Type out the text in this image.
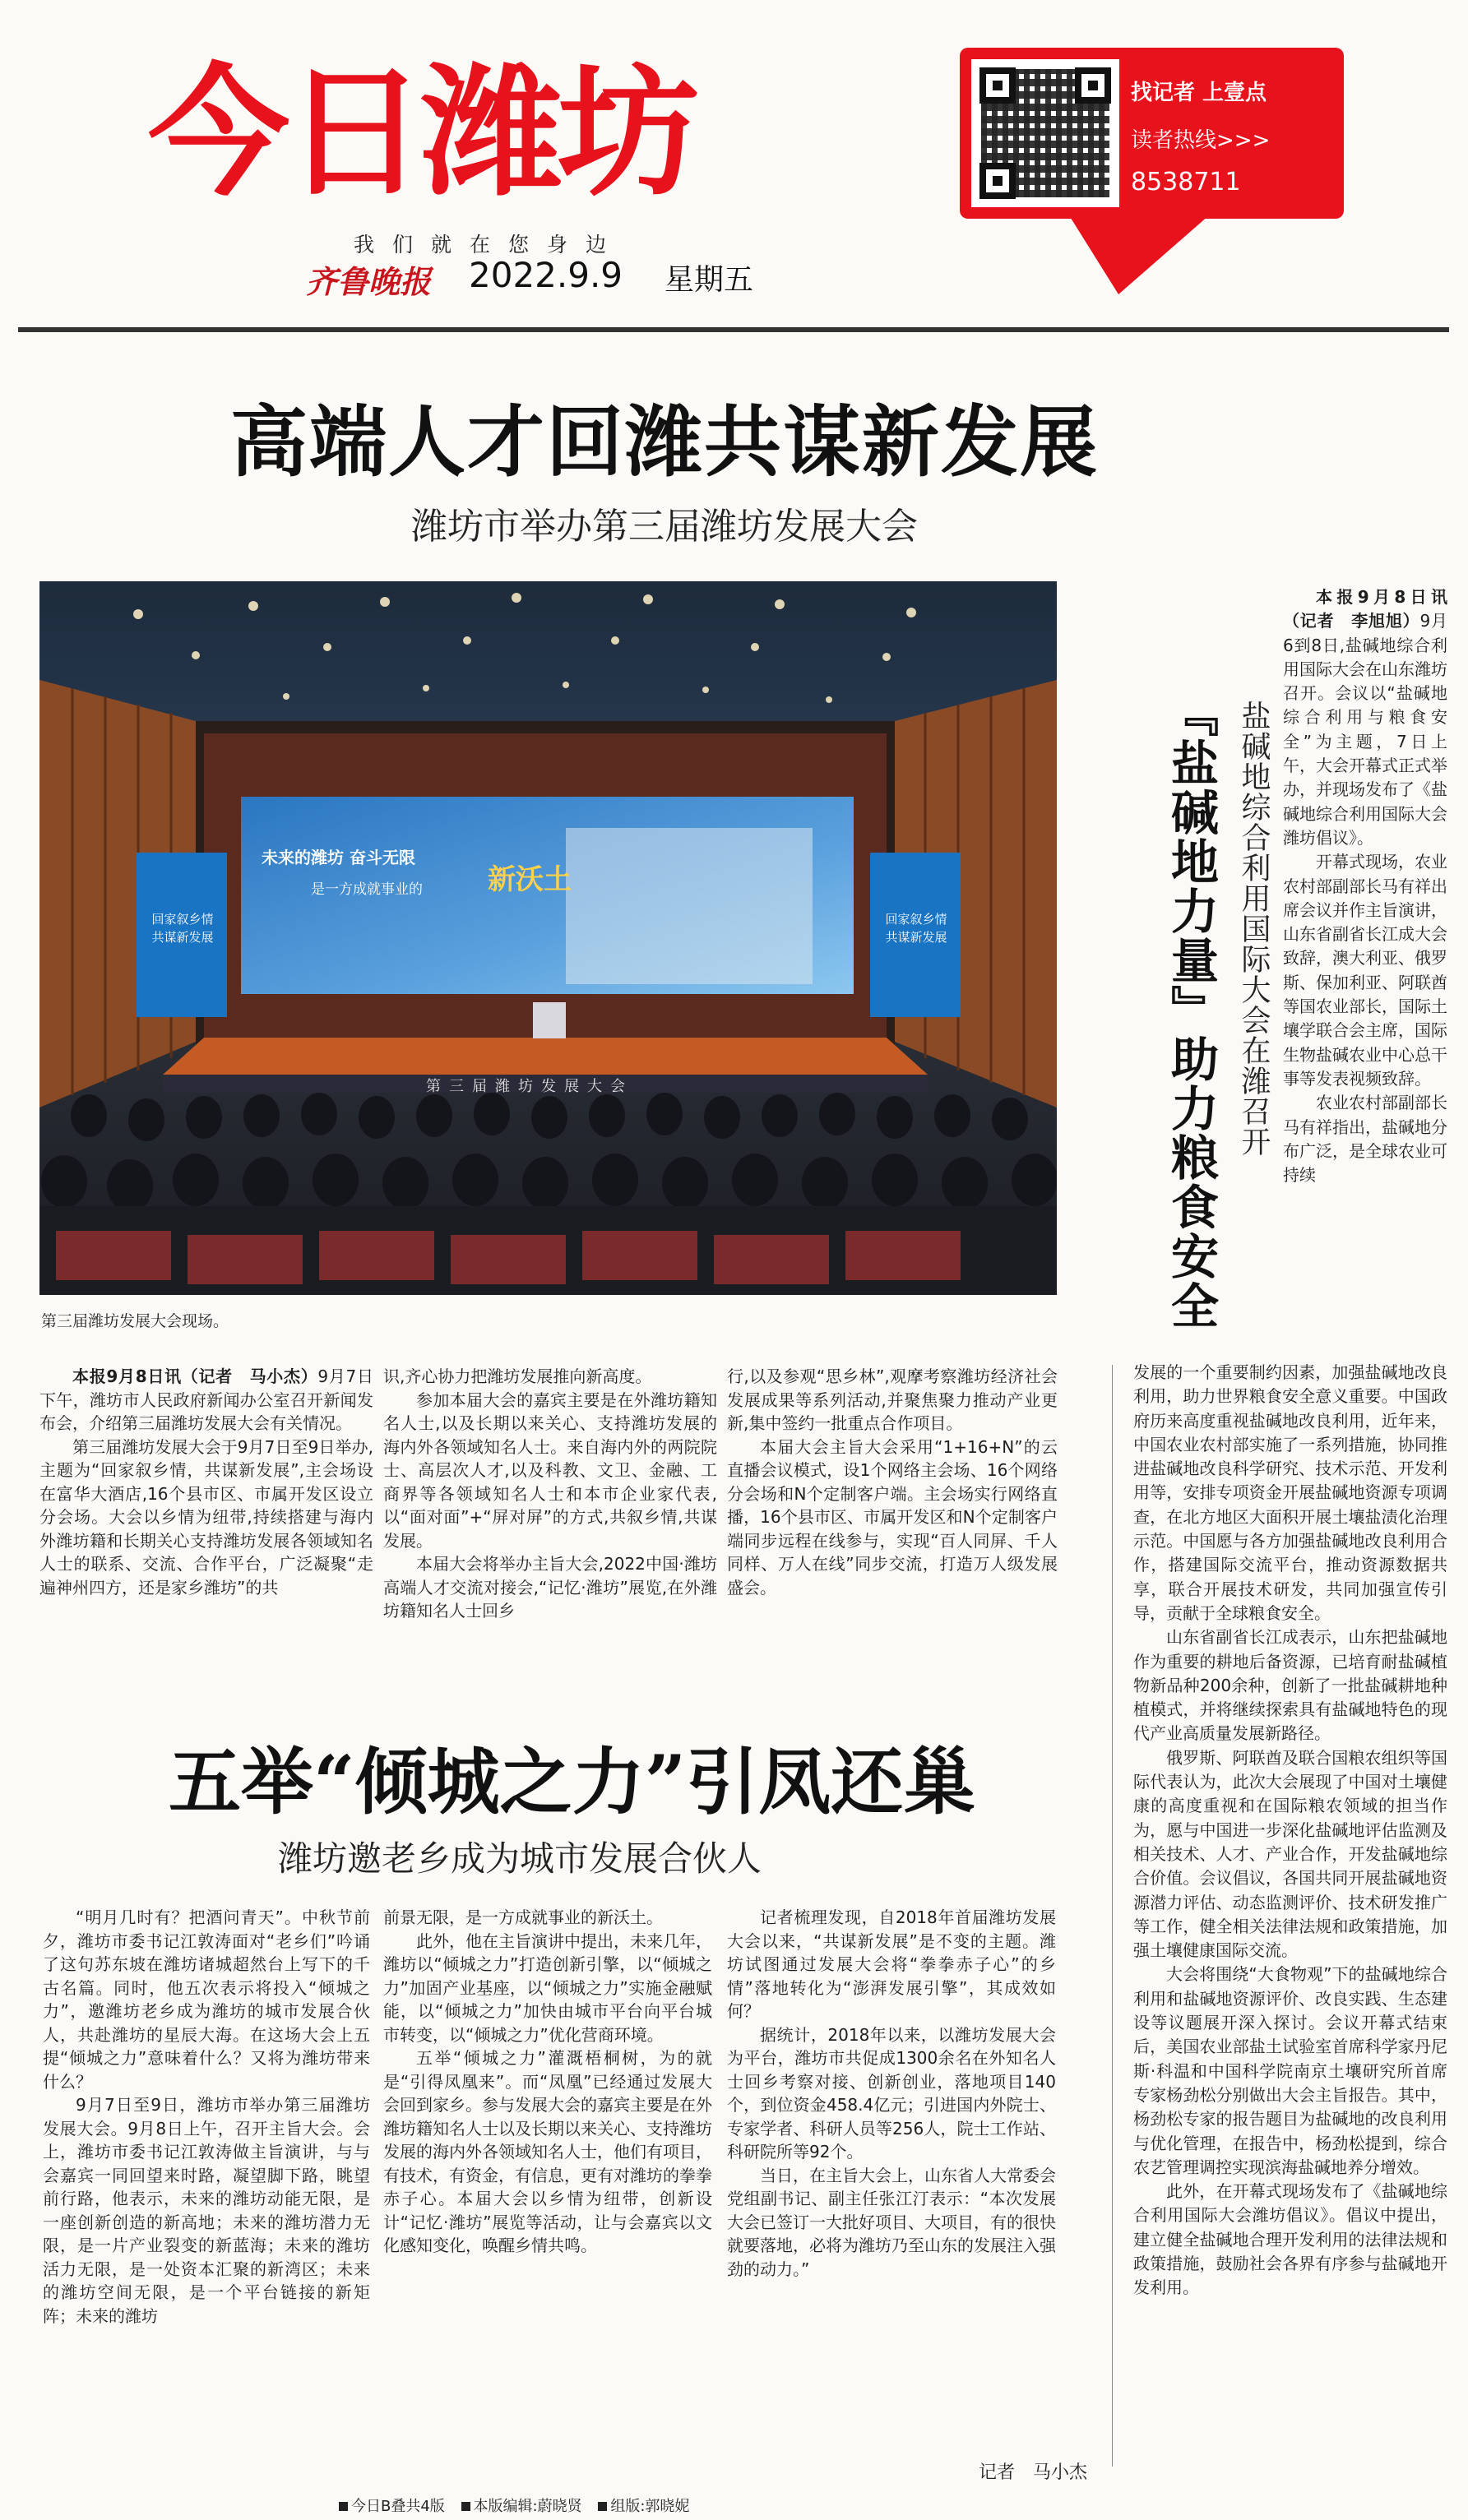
今日潍坊
我们就在您身边
齐鲁晚报 2022.9.9 星期五
找记者 上壹点
读者热线>>>
8538711
高端人才回潍共谋新发展
潍坊市举办第三届潍坊发展大会
回家叙乡情 共谋新发展
回家叙乡情 共谋新发展
未来的潍坊 奋斗无限
是一方成就事业的 新沃土
第三届潍坊发展大会
第三届潍坊发展大会现场。

本报9月8日讯（记者　马小杰）9月7日下午，潍坊市人民政府新闻办公室召开新闻发布会，介绍第三届潍坊发展大会有关情况。

第三届潍坊发展大会于9月7日至9日举办,主题为“回家叙乡情，共谋新发展”,主会场设在富华大酒店,16个县市区、市属开发区设立分会场。大会以乡情为纽带,持续搭建与海内外潍坊籍和长期关心支持潍坊发展各领域知名人士的联系、交流、合作平台，广泛凝聚“走遍神州四方，还是家乡潍坊”的共

识,齐心协力把潍坊发展推向新高度。

参加本届大会的嘉宾主要是在外潍坊籍知名人士,以及长期以来关心、支持潍坊发展的海内外各领域知名人士。来自海内外的两院院士、高层次人才,以及科教、文卫、金融、工商界等各领域知名人士和本市企业家代表,以“面对面”+“屏对屏”的方式,共叙乡情,共谋发展。

本届大会将举办主旨大会,2022中国·潍坊高端人才交流对接会,“记忆·潍坊”展览,在外潍坊籍知名人士回乡

行,以及参观“思乡林”,观摩考察潍坊经济社会发展成果等系列活动,并聚焦聚力推动产业更新,集中签约一批重点合作项目。

本届大会主旨大会采用“1+16+N”的云直播会议模式，设1个网络主会场、16个网络分会场和N个定制客户端。主会场实行网络直播，16个县市区、市属开发区和N个定制客户端同步远程在线参与，实现“百人同屏、千人同样、万人在线”同步交流，打造万人级发展盛会。

『盐碱地力量』助力粮食安全 盐碱地综合利用国际大会在潍召开

本报9月8日讯（记者　李旭旭）9月6到8日,盐碱地综合利用国际大会在山东潍坊召开。会议以“盐碱地综合利用与粮食安全”为主题，7日上午，大会开幕式正式举办，并现场发布了《盐碱地综合利用国际大会潍坊倡议》。

开幕式现场，农业农村部副部长马有祥出席会议并作主旨演讲，山东省副省长江成大会致辞，澳大利亚、俄罗斯、保加利亚、阿联酋等国农业部长，国际土壤学联合会主席，国际生物盐碱农业中心总干事等发表视频致辞。

农业农村部副部长马有祥指出，盐碱地分布广泛，是全球农业可持续

发展的一个重要制约因素，加强盐碱地改良利用，助力世界粮食安全意义重要。中国政府历来高度重视盐碱地改良利用，近年来，中国农业农村部实施了一系列措施，协同推进盐碱地改良科学研究、技术示范、开发利用等，安排专项资金开展盐碱地资源专项调查，在北方地区大面积开展土壤盐渍化治理示范。中国愿与各方加强盐碱地改良利用合作，搭建国际交流平台，推动资源数据共享，联合开展技术研发，共同加强宣传引导，贡献于全球粮食安全。

山东省副省长江成表示，山东把盐碱地作为重要的耕地后备资源，已培育耐盐碱植物新品种200余种，创新了一批盐碱耕地种植模式，并将继续探索具有盐碱地特色的现代产业高质量发展新路径。

俄罗斯、阿联酋及联合国粮农组织等国际代表认为，此次大会展现了中国对土壤健康的高度重视和在国际粮农领域的担当作为，愿与中国进一步深化盐碱地评估监测及相关技术、人才、产业合作，开发盐碱地综合价值。会议倡议，各国共同开展盐碱地资源潜力评估、动态监测评价、技术研发推广等工作，健全相关法律法规和政策措施，加强土壤健康国际交流。

大会将围绕“大食物观”下的盐碱地综合利用和盐碱地资源评价、改良实践、生态建设等议题展开深入探讨。会议开幕式结束后，美国农业部盐土试验室首席科学家丹尼斯·科温和中国科学院南京土壤研究所首席专家杨劲松分别做出大会主旨报告。其中，杨劲松专家的报告题目为盐碱地的改良利用与优化管理，在报告中，杨劲松提到，综合农艺管理调控实现滨海盐碱地养分增效。

此外，在开幕式现场发布了《盐碱地综合利用国际大会潍坊倡议》。倡议中提出，建立健全盐碱地合理开发利用的法律法规和政策措施，鼓励社会各界有序参与盐碱地开发利用。

五举“倾城之力”引凤还巢
潍坊邀老乡成为城市发展合伙人

“明月几时有？把酒问青天”。中秋节前夕，潍坊市委书记江敦涛面对“老乡们”吟诵了这句苏东坡在潍坊诸城超然台上写下的千古名篇。同时，他五次表示将投入“倾城之力”，邀潍坊老乡成为潍坊的城市发展合伙人，共赴潍坊的星辰大海。在这场大会上五提“倾城之力”意味着什么？又将为潍坊带来什么？

9月7日至9日，潍坊市举办第三届潍坊发展大会。9月8日上午，召开主旨大会。会上，潍坊市委书记江敦涛做主旨演讲，与与会嘉宾一同回望来时路，凝望脚下路，眺望前行路，他表示，未来的潍坊动能无限，是一座创新创造的新高地；未来的潍坊潜力无限，是一片产业裂变的新蓝海；未来的潍坊活力无限，是一处资本汇聚的新湾区；未来的潍坊空间无限，是一个平台链接的新矩阵；未来的潍坊

前景无限，是一方成就事业的新沃土。

此外，他在主旨演讲中提出，未来几年，潍坊以“倾城之力”打造创新引擎，以“倾城之力”加固产业基座，以“倾城之力”实施金融赋能，以“倾城之力”加快由城市平台向平台城市转变，以“倾城之力”优化营商环境。

五举“倾城之力”灌溉梧桐树，为的就是“引得凤凰来”。而“凤凰”已经通过发展大会回到家乡。参与发展大会的嘉宾主要是在外潍坊籍知名人士以及长期以来关心、支持潍坊发展的海内外各领域知名人士，他们有项目，有技术，有资金，有信息，更有对潍坊的拳拳赤子心。本届大会以乡情为纽带，创新设计“记忆·潍坊”展览等活动，让与会嘉宾以文化感知变化，唤醒乡情共鸣。

记者梳理发现，自2018年首届潍坊发展大会以来，“共谋新发展”是不变的主题。潍坊试图通过发展大会将“拳拳赤子心”的乡情”落地转化为“澎湃发展引擎”，其成效如何？

据统计，2018年以来，以潍坊发展大会为平台，潍坊市共促成1300余名在外知名人士回乡考察对接、创新创业，落地项目140个，到位资金458.4亿元；引进国内外院士、专家学者、科研人员等256人，院士工作站、科研院所等92个。

当日，在主旨大会上，山东省人大常委会党组副书记、副主任张江汀表示：“本次发展大会已签订一大批好项目、大项目，有的很快就要落地，必将为潍坊乃至山东的发展注入强劲的动力。”

记者　马小杰
今日B叠共4版 本版编辑:蔚晓贤 组版:郭晓妮
